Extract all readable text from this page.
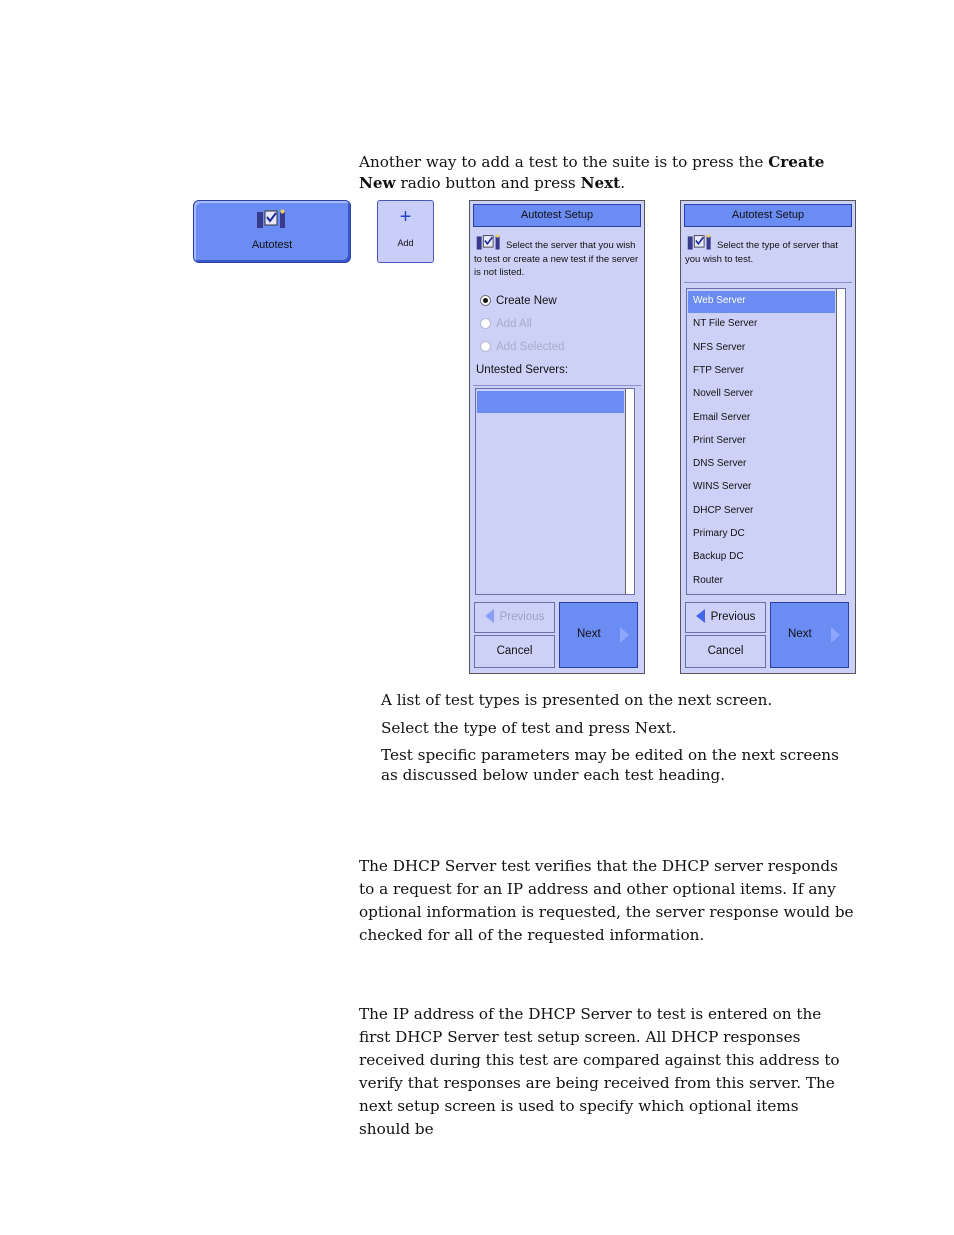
Another way to add a test to the suite is to press the Create New radio button and press Next.
Autotest
+
Add
Autotest Setup
Select the server that you wish to test or create a new test if the server is not listed.
Create New
Add All
Add Selected
Untested Servers:
Previous
Cancel
Next
Autotest Setup
Select the type of server that you wish to test.
Web Server
NT File Server
NFS Server
FTP Server
Novell Server
Email Server
Print Server
DNS Server
WINS Server
DHCP Server
Primary DC
Backup DC
Router
Previous
Cancel
Next
A list of test types is presented on the next screen.
Select the type of test and press Next.
Test specific parameters may be edited on the next screens as discussed below under each test heading.
The DHCP Server test verifies that the DHCP server responds to a request for an IP address and other optional items. If any optional information is requested, the server response would be checked for all of the requested information.
The IP address of the DHCP Server to test is entered on the first DHCP Server test setup screen. All DHCP responses received during this test are compared against this address to verify that responses are being received from this server. The next setup screen is used to specify which optional items should be
